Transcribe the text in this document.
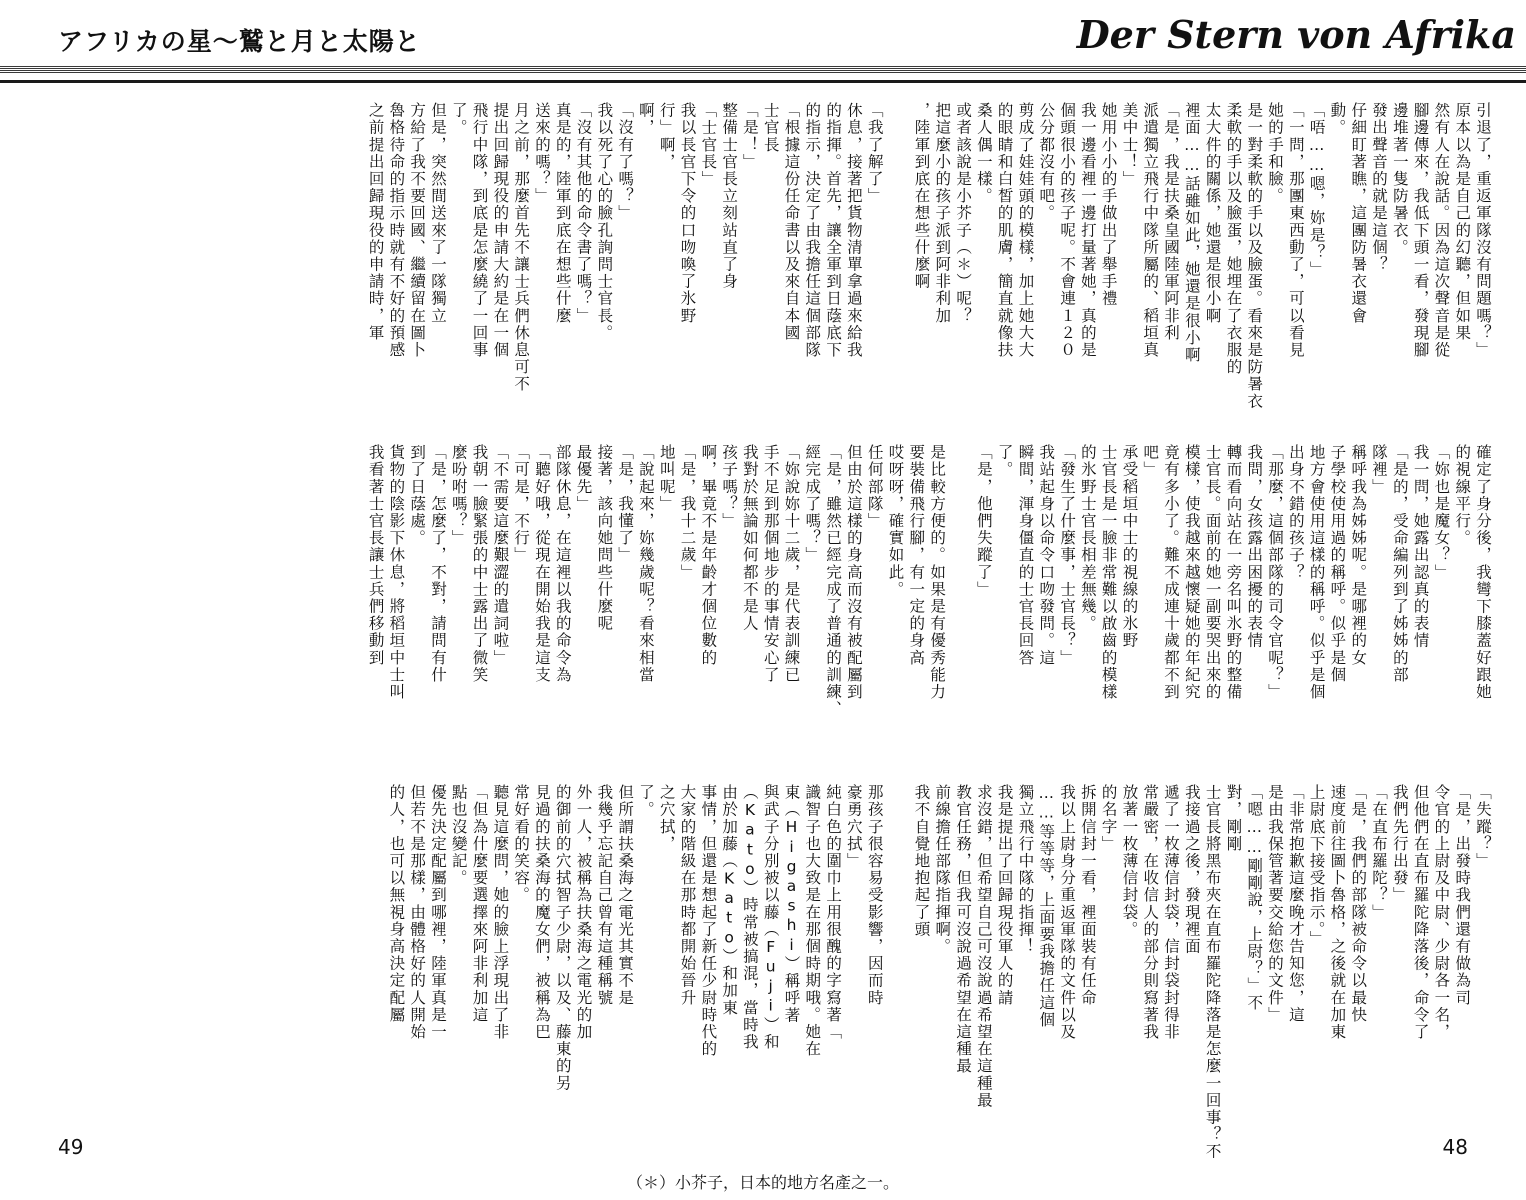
アフリカの星～鷲と月と太陽と	Der Stern von Afrika
引退了，重返軍隊沒有問題嗎？」
原本以為是自己的幻聽，但如果
然有人在說話。因為這次聲音是從
腳邊傳來，我低下頭一看，發現腳
邊堆著一隻防暑衣。
發出聲音的就是這個？
仔細盯著瞧，這團防暑衣還會
動。
「唔……嗯，妳是？」
「一問，那團東西動了，可以看見
她的手和臉。
是一對柔軟的手以及臉蛋。看來是防暑衣
柔軟的手以及臉蛋，她埋在了衣服的
太大件的關係，她還是很小啊
裡面……話雖如此，她還是很小啊
「是，我是扶桑皇國陸軍阿非利
派遣獨立飛行中隊所屬的、稻垣真
美中士！」
她用小小的手做出了舉手禮
我一邊看裡一邊打量著她，真的是
個頭很小的孩子呢。不會連１２０
公分都沒有吧。
剪成了娃娃頭的模樣，加上她大大
的眼睛和白皙的肌膚，簡直就像扶
桑人偶一樣。
或者該說是小芥子（＊）呢？
把這麼小的孩子派到阿非利加
，陸軍到底在想些什麼啊
「我了解了」
休息，接著把貨物清單拿過來給我
的指揮。首先，讓全軍到日蔭底下
的指示，決定了由我擔任這個部隊
「根據這份任命書以及來自本國
士官長
「是！」
整備士官長立刻站直了身
「士官長」
我以長官下令的口吻喚了氷野
行」啊，
啊，
「沒有了嗎？」
我以死了心的臉孔詢問士官長。
「沒有其他的命令書了嗎？」
真是的，陸軍到底在想些什麼
送來的嗎？」
月之前，那麼首先不讓士兵們休息可不
提出回歸現役的申請大約是在一個
飛行中隊，到底是怎麼繞了一回事
了。
但是，突然間送來了一隊獨立
方給了我不要回國、繼續留在圖卜
魯格待命的指示時就有不好的預感
之前提出回歸現役的申請時，軍
確定了身分後，我彎下膝蓋好跟她
的視線平行。
「妳也是魔女？」
我一問，她露出認真的表情
「是的，受命編列到了姊姊的部
隊裡」
稱呼我為姊姊呢。是哪裡的女
子學校使用過的稱呼。似乎是個
地方會使用這樣的稱呼。似乎是個
出身不錯的孩子？
「那麼，這個部隊的司令官呢？」
我問，女孩露出困擾的表情
轉而看向站在一旁名叫氷野的整備
士官長。面前的她一副要哭出來的
模樣，使我越來越懷疑她的年紀究
竟有多小了。難不成連十歲都不到
吧」
承受稻垣中士的視線的氷野
士官長是一臉非常難以啟齒的模樣
的氷野士官長相差無幾。
「發生了什麼事，士官長？」
我站起身以命令口吻發問。這
瞬間，渾身僵直的士官長回答
了。
「是，他們失蹤了」
是比較方便的。如果是有優秀能力
要裝備飛行腳，有一定的身高
哎呀呀，確實如此。
任何部隊」
但由於這樣的身高而沒有被配屬到
「是，雖然已經完成了普通的訓練、
經完成了嗎？」
「妳說妳十二歲，是代表訓練已
手不足到那個地步的事情安心了
我對於無論如何都不是人
孩子嗎？」
啊，畢竟不是年齡才個位數的
「是，我十二歲」
地叫呢」
「說起來，妳幾歲呢？看來相當
「是，我懂了」
接著，該向她問些什麼呢
最優先」
部隊休息，在這裡以我的命令為
「聽好哦，從現在開始我是這支
「可是，不行」
「不需要這麼艱澀的遣詞啦」
我朝一臉緊張的中士露出了微笑
麼吩咐嗎？」
「是，怎麼了，不對，請問有什
到了日蔭處。
貨物的陰影下休息，將稻垣中士叫
我看著士官長讓士兵們移動到
「失蹤？」
「是，出發時我們還有做為司
令官的上尉及中尉、少尉各一名，
但他們在直布羅陀降落後，命令了
我們先行出發」
「在直布羅陀？」
「是，我們的部隊被命令以最快
速度前往圖卜魯格，之後就在加東
上尉底下接受指示。」
「非常抱歉這麼晚才告知您，這
是由我保管著要交給您的文件」
「嗯……剛剛說，上尉？」不
對，剛剛
士官長將黑布夾在直布羅陀降落是怎麼一回事？不
我接過之後，發現裡面
遞了一枚薄信封袋，信封袋封得非
常嚴密，在收信人的部分則寫著我
放著一枚薄信封袋。
的名字」
拆開信封一看，裡面裝有任命
我以上尉身分重返軍隊的文件以及
……等等等，上面要我擔任這個
獨立飛行中隊的指揮！
我是提出了回歸現役軍人的請
求沒錯，但希望自己可沒說過希望在這種最
教官任務，但我可沒說過希望在這種最
前線擔任部隊指揮啊。
我不自覺地抱起了頭
那孩子很容易受影響，因而時
豪勇穴拭」
純白色的圍巾上用很醜的字寫著「
識智子也大致是在那個時期哦。她在
東（Higashi）稱呼著
與武子分別被以藤（Fuji）和
（Kato）時常被搞混，當時我
由於加藤（Kato）和加東
事情，但還是想起了新任少尉時代的
大家的階級在那時都開始晉升
之穴拭，
了。
但所謂扶桑海之電光其實不是
我幾乎忘記自己曾有這種稱號
外一人，被稱為扶桑海之電光的加
的御前的穴拭智子少尉，以及、藤東的另
見過的扶桑海的魔女們，被稱為巴
常好看的笑容。
聽見這麼問，她的臉上浮現出了非
「但為什麼要選擇來阿非利加這
點也沒變記。
優先決定配屬到哪裡，陸軍真是一
但若不是那樣，由體格好的人開始
的人，也可以無視身高決定配屬
49	48
（＊）小芥子，日本的地方名產之一。
